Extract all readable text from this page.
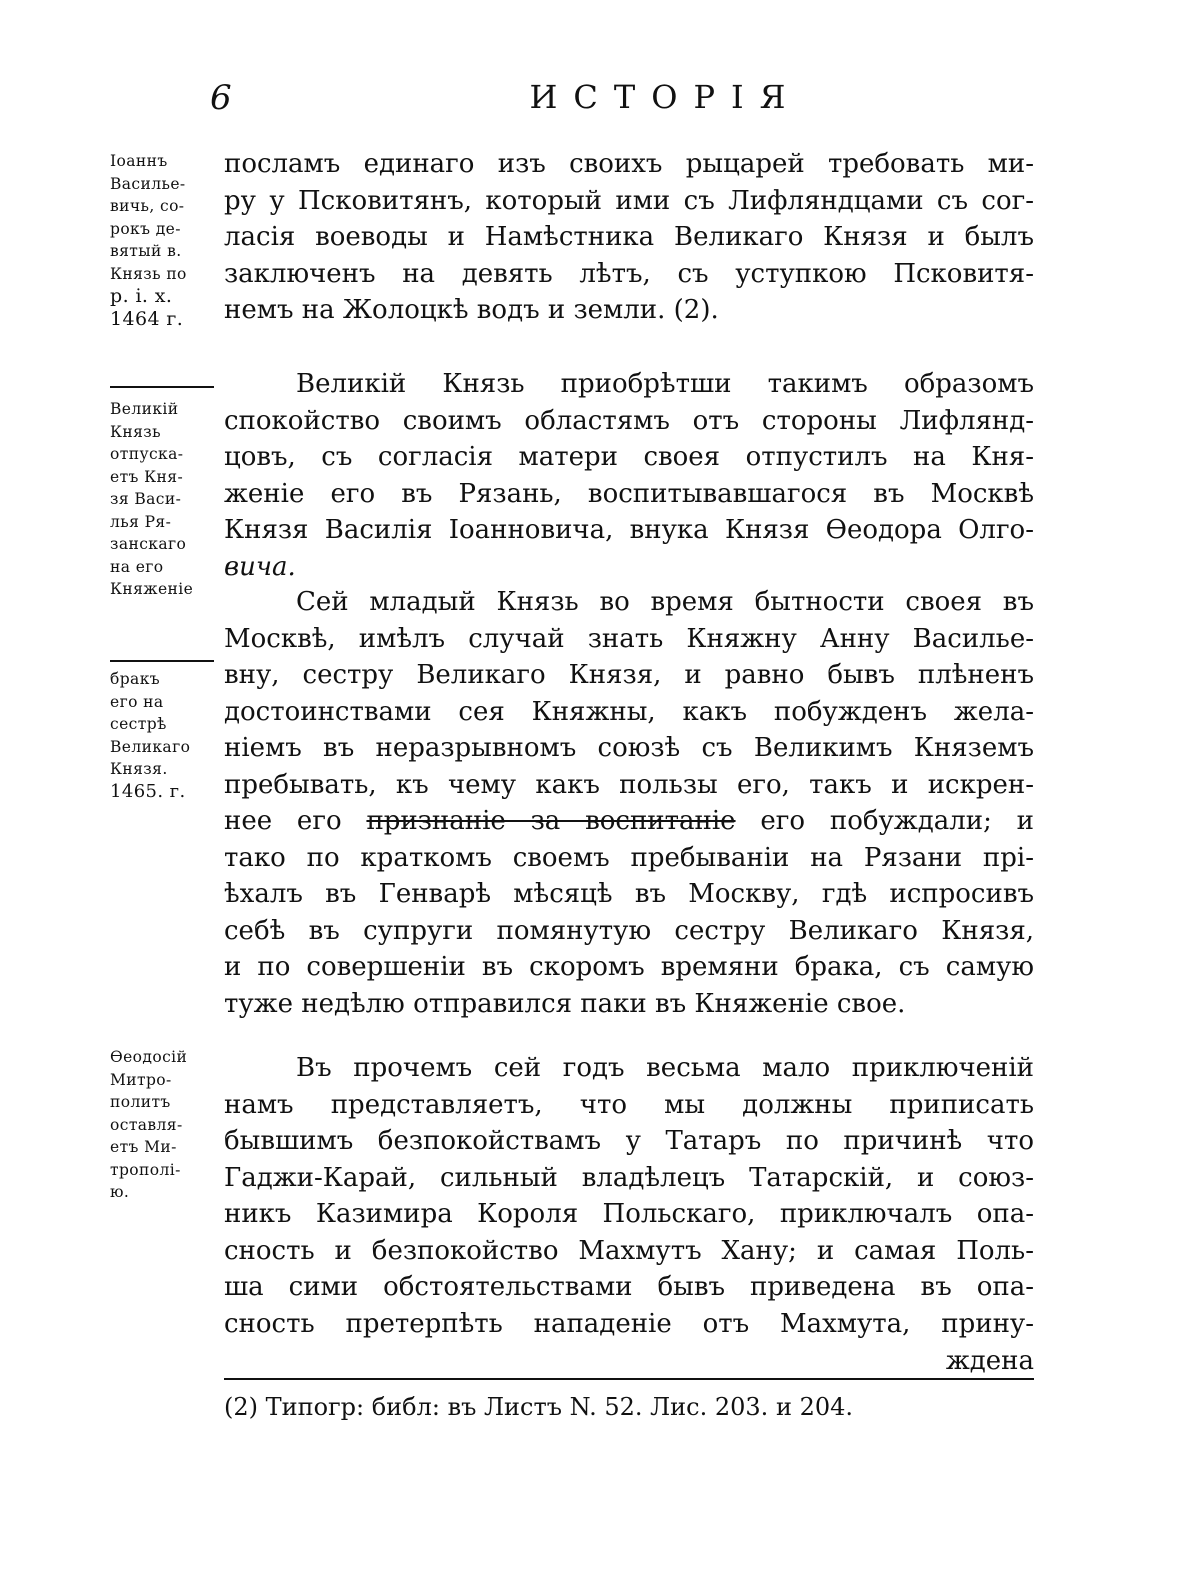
6	ИСТОРІЯ
Іоаннъ
Василье-
вичь, со-
рокъ де-
вятый в.
Князь по
р. і. х.
1464 г.
Великій
Князь
отпуска-
етъ Кня-
зя Васи-
лья Ря-
занскаго
на его
Княженіе
бракъ
его на
сестрѣ
Великаго
Князя.
1465. г.
Ѳеодосій
Митро-
политъ
оставля-
етъ Ми-
трополі-
ю.
посламъ единаго изъ своихъ рыцарей требовать ми-
ру у Псковитянъ, который ими съ Лифляндцами съ сог-
ласія воеводы и Намѣстника Великаго Князя и былъ
заключенъ на девять лѣтъ, съ уступкою Псковитя-
немъ на Жолоцкѣ водъ и земли. (2).
Великій Князь приобрѣтши такимъ образомъ
спокойство своимъ областямъ отъ стороны Лифлянд-
цовъ, съ согласія матери своея отпустилъ на Кня-
женіе его въ Рязань, воспитывавшагося въ Москвѣ
Князя Василія Іоанновича, внука Князя Ѳеодора Олго-
вича.
Сей младый Князь во время бытности своея въ
Москвѣ, имѣлъ случай знать Княжну Анну Василье-
вну, сестру Великаго Князя, и равно бывъ плѣненъ
достоинствами сея Княжны, какъ побужденъ жела-
ніемъ въ неразрывномъ союзѣ съ Великимъ Княземъ
пребывать, къ чему какъ пользы его, такъ и искрен-
нее его признаніе за воспитаніе его побуждали; и
тако по краткомъ своемъ пребываніи на Рязани прі-
ѣхалъ въ Генварѣ мѣсяцѣ въ Москву, гдѣ испросивъ
себѣ въ супруги помянутую сестру Великаго Князя,
и по совершеніи въ скоромъ времяни брака, съ самую
туже недѣлю отправился паки въ Княженіе свое.
Въ прочемъ сей годъ весьма мало приключеній
намъ представляетъ, что мы должны приписать
бывшимъ безпокойствамъ у Татаръ по причинѣ что
Гаджи-Карай, сильный владѣлецъ Татарскій, и союз-
никъ Казимира Короля Польскаго, приключалъ опа-
сность и безпокойство Махмутъ Хану; и самая Поль-
ша сими обстоятельствами бывъ приведена въ опа-
сность претерпѣть нападеніе отъ Махмута, прину-
ждена
(2) Типогр: библ: въ Листъ N. 52. Лис. 203. и 204.
